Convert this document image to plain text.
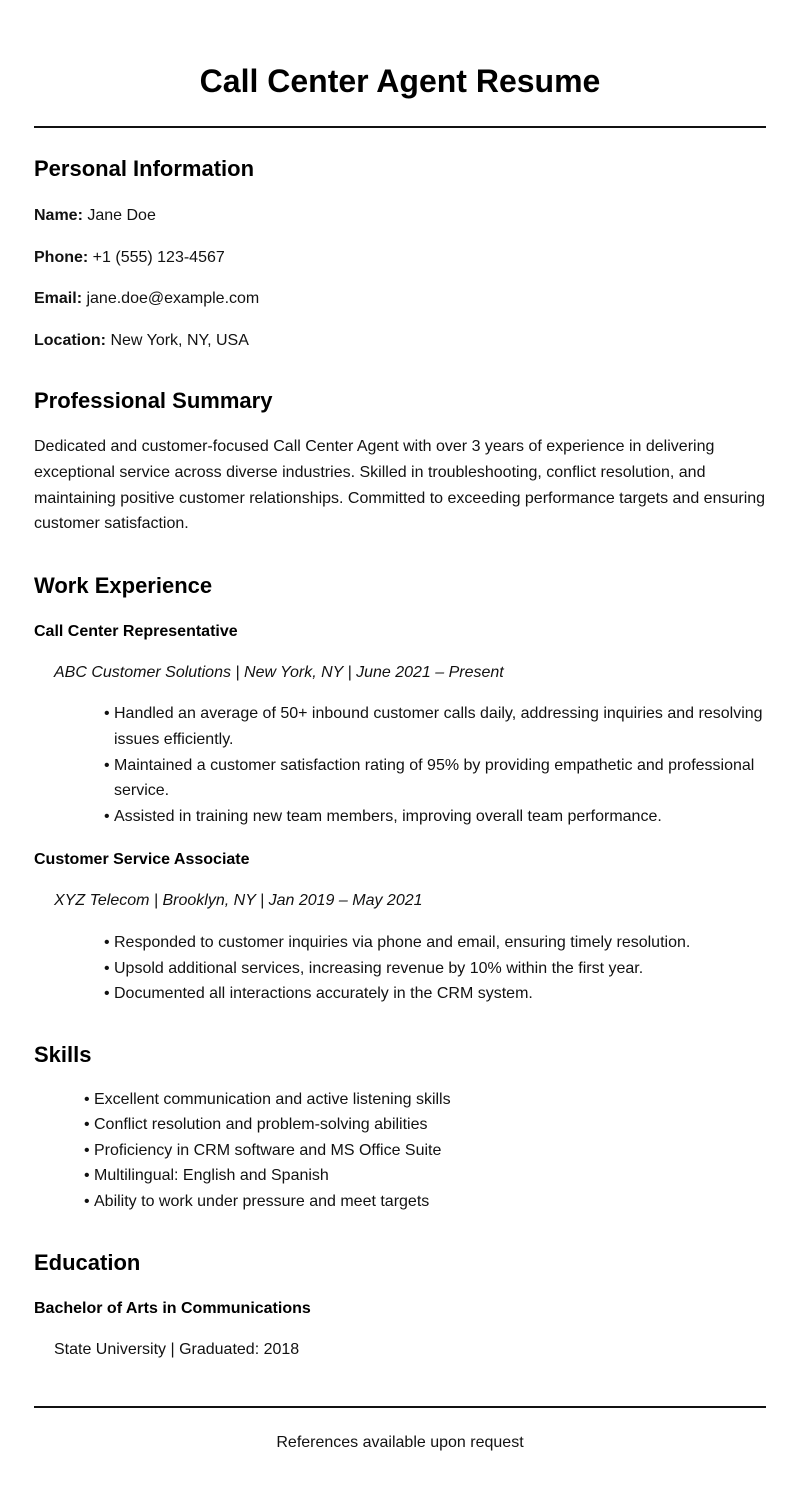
Call Center Agent Resume
Personal Information

Name: Jane Doe

Phone: +1 (555) 123-4567

Email: jane.doe@example.com

Location: New York, NY, USA

Professional Summary

Dedicated and customer-focused Call Center Agent with over 3 years of experience in delivering exceptional service across diverse industries. Skilled in troubleshooting, conflict resolution, and maintaining positive customer relationships. Committed to exceeding performance targets and ensuring customer satisfaction.

Work Experience
Call Center Representative

ABC Customer Solutions | New York, NY | June 2021 – Present

• Handled an average of 50+ inbound customer calls daily, addressing inquiries and resolving issues efficiently.
• Maintained a customer satisfaction rating of 95% by providing empathetic and professional service.
• Assisted in training new team members, improving overall team performance.
Customer Service Associate

XYZ Telecom | Brooklyn, NY | Jan 2019 – May 2021

• Responded to customer inquiries via phone and email, ensuring timely resolution.
• Upsold additional services, increasing revenue by 10% within the first year.
• Documented all interactions accurately in the CRM system.
Skills
• Excellent communication and active listening skills
• Conflict resolution and problem-solving abilities
• Proficiency in CRM software and MS Office Suite
• Multilingual: English and Spanish
• Ability to work under pressure and meet targets
Education
Bachelor of Arts in Communications

State University | Graduated: 2018

References available upon request
